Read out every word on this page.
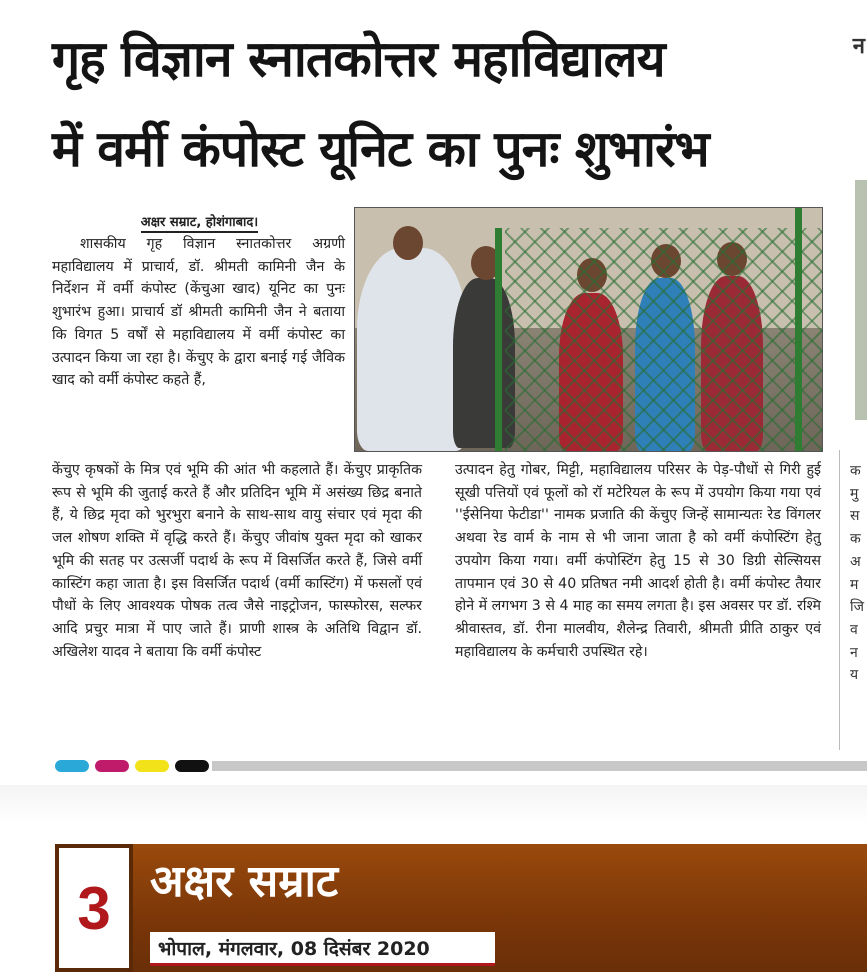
गृह विज्ञान स्नातकोत्तर महाविद्यालय
में वर्मी कंपोस्ट यूनिट का पुनः शुभारंभ
न
अक्षर सम्राट, होशंगाबाद।

शासकीय गृह विज्ञान स्नातकोत्तर अग्रणी महाविद्यालय में प्राचार्य, डॉ. श्रीमती कामिनी जैन के निर्देशन में वर्मी कंपोस्ट (केंचुआ खाद) यूनिट का पुनः शुभारंभ हुआ। प्राचार्य डॉ श्रीमती कामिनी जैन ने बताया कि विगत 5 वर्षों से महाविद्यालय में वर्मी कंपोस्ट का उत्पादन किया जा रहा है। केंचुए के द्वारा बनाई गई जैविक खाद को वर्मी कंपोस्ट कहते हैं,

केंचुए कृषकों के मित्र एवं भूमि की आंत भी कहलाते हैं। केंचुए प्राकृतिक रूप से भूमि की जुताई करते हैं और प्रतिदिन भूमि में असंख्य छिद्र बनाते हैं, ये छिद्र मृदा को भुरभुरा बनाने के साथ-साथ वायु संचार एवं मृदा की जल शोषण शक्ति में वृद्धि करते हैं। केंचुए जीवांष युक्त मृदा को खाकर भूमि की सतह पर उत्सर्जी पदार्थ के रूप में विसर्जित करते हैं, जिसे वर्मी कास्टिंग कहा जाता है। इस विसर्जित पदार्थ (वर्मी कास्टिंग) में फसलों एवं पौधों के लिए आवश्यक पोषक तत्व जैसे नाइट्रोजन, फास्फोरस, सल्फर आदि प्रचुर मात्रा में पाए जाते हैं। प्राणी शास्त्र के अतिथि विद्वान डॉ. अखिलेश यादव ने बताया कि वर्मी कंपोस्ट

उत्पादन हेतु गोबर, मिट्टी, महाविद्यालय परिसर के पेड़-पौधों से गिरी हुई सूखी पत्तियों एवं फूलों को रॉ मटेरियल के रूप में उपयोग किया गया एवं ''ईसेनिया फेटीडा'' नामक प्रजाति की केंचुए जिन्हें सामान्यतः रेड विंगलर अथवा रेड वार्म के नाम से भी जाना जाता है को वर्मी कंपोस्टिंग हेतु उपयोग किया गया। वर्मी कंपोस्टिंग हेतु 15 से 30 डिग्री सेल्सियस तापमान एवं 30 से 40 प्रतिषत नमी आदर्श होती है। वर्मी कंपोस्ट तैयार होने में लगभग 3 से 4 माह का समय लगता है। इस अवसर पर डॉ. रश्मि श्रीवास्तव, डॉ. रीना मालवीय, शैलेन्द्र तिवारी, श्रीमती प्रीति ठाकुर एवं महाविद्यालय के कर्मचारी उपस्थित रहे।

क
मु
स
क
अ
म
जि
व
न
य
3 अक्षर सम्राट
भोपाल, मंगलवार, 08 दिसंबर 2020
